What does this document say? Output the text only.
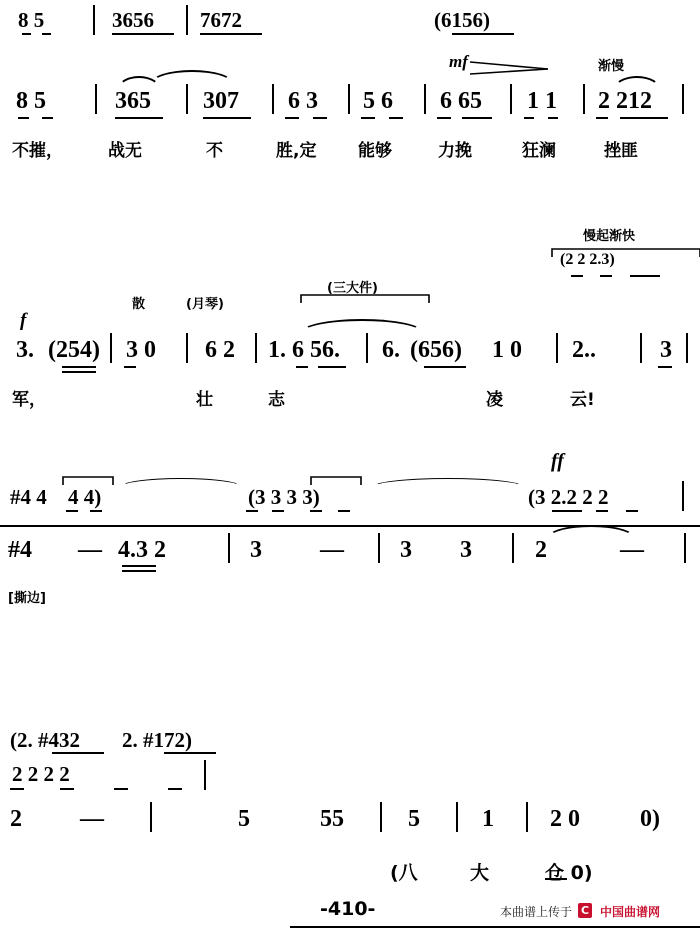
8 5	3656 7672	(6156)
mf	渐慢
8 5	365 307 6 3 5 6 6 65 1 1 2 212
不摧，	战无	不	胜,定 能够	力挽	狂澜	挫匪
慢起渐快
(2 2 2.3)
(月琴)
(三大件)
散
f
3. (254) 3 0 6 2 1. 6 56. 6. (656) 1 0 2..	3
军，	壮	志	凌	云!
ff
#4 4 4 4)	(3 3 3 3)	(3 2.2 2 2
#4 — 4.3 2	3 — 3 3	2	—
[撕边]
(2. #432 2. #172)
2 2 2 2
2 —	5	55	5	1 2 0	0)
(八	大	仓 0)
-410-	本曲谱上传于 C 中国曲谱网
